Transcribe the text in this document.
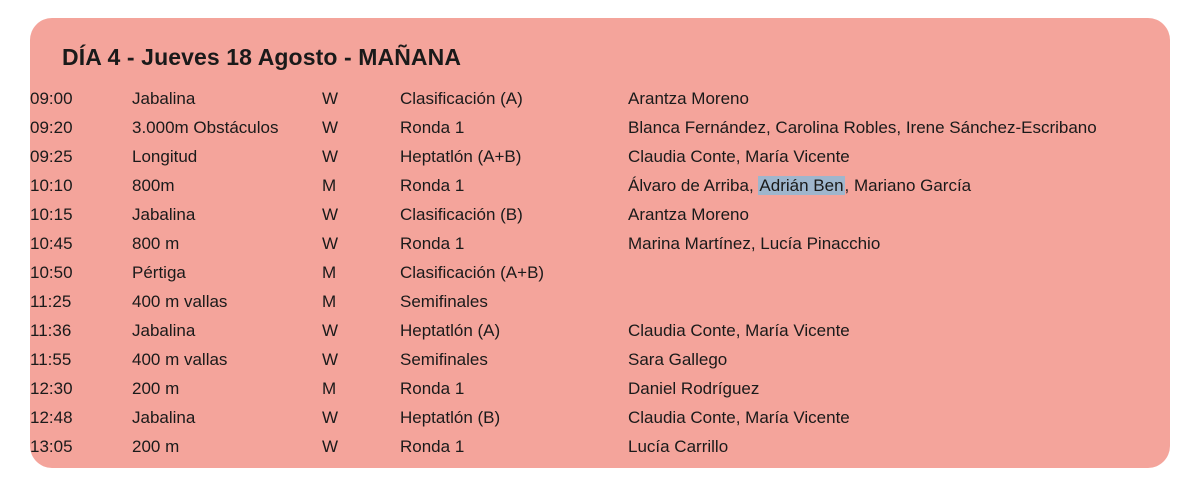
DÍA 4 - Jueves 18 Agosto - MAÑANA
09:00	Jabalina	W	Clasificación (A)	Arantza Moreno
09:20	3.000m Obstáculos	W	Ronda 1	Blanca Fernández, Carolina Robles, Irene Sánchez-Escribano
09:25	Longitud	W	Heptatlón (A+B)	Claudia Conte, María Vicente
10:10	800m	M	Ronda 1	Álvaro de Arriba, Adrián Ben, Mariano García
10:15	Jabalina	W	Clasificación (B)	Arantza Moreno
10:45	800 m	W	Ronda 1	Marina Martínez, Lucía Pinacchio
10:50	Pértiga	M	Clasificación (A+B)	
11:25	400 m vallas	M	Semifinales	
11:36	Jabalina	W	Heptatlón (A)	Claudia Conte, María Vicente
11:55	400 m vallas	W	Semifinales	Sara Gallego
12:30	200 m	M	Ronda 1	Daniel Rodríguez
12:48	Jabalina	W	Heptatlón (B)	Claudia Conte, María Vicente
13:05	200 m	W	Ronda 1	Lucía Carrillo
